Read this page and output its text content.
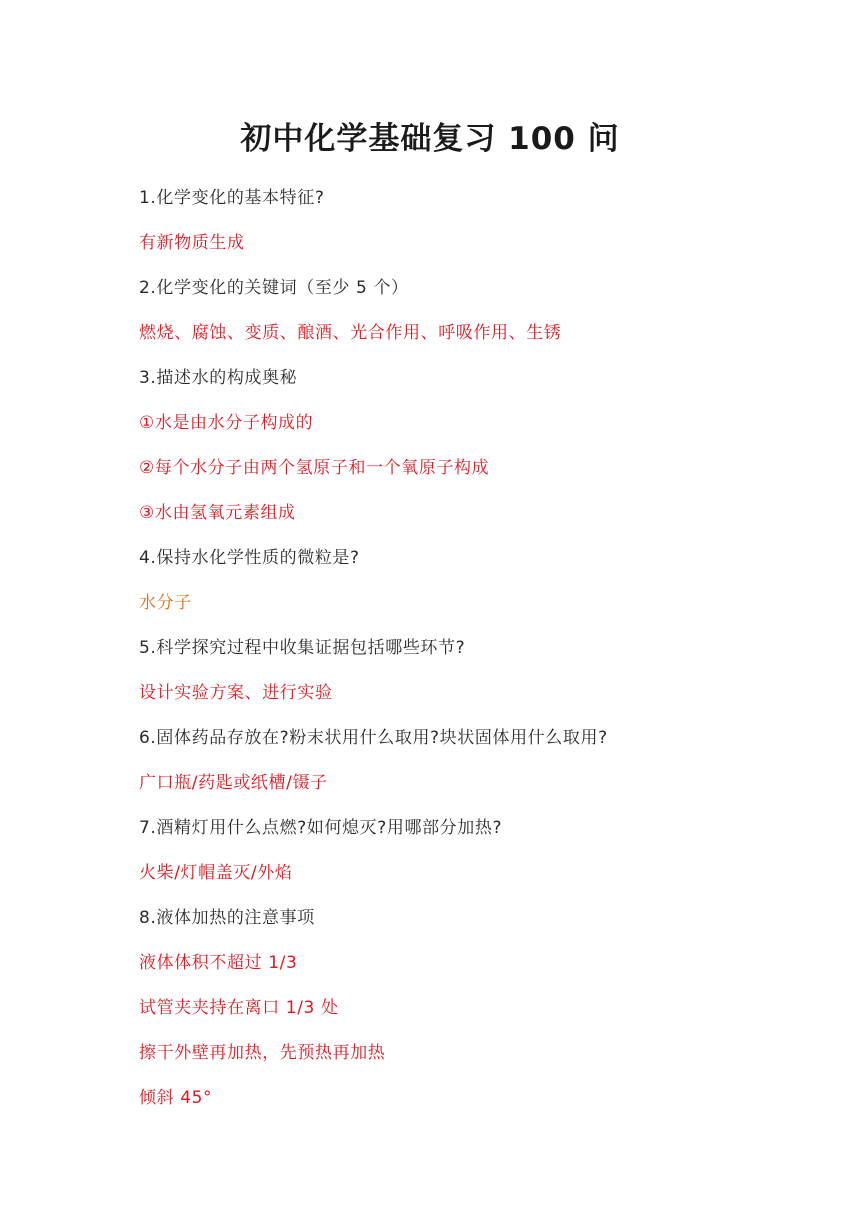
初中化学基础复习 100 问
1.化学变化的基本特征?
有新物质生成
2.化学变化的关键词（至少 5 个）
燃烧、腐蚀、变质、酿酒、光合作用、呼吸作用、生锈
3.描述水的构成奥秘
①水是由水分子构成的
②每个水分子由两个氢原子和一个氧原子构成
③水由氢氧元素组成
4.保持水化学性质的微粒是?
水分子
5.科学探究过程中收集证据包括哪些环节?
设计实验方案、进行实验
6.固体药品存放在?粉末状用什么取用?块状固体用什么取用?
广口瓶/药匙或纸槽/镊子
7.酒精灯用什么点燃?如何熄灭?用哪部分加热?
火柴/灯帽盖灭/外焰
8.液体加热的注意事项
液体体积不超过 1/3
试管夹夹持在离口 1/3 处
擦干外壁再加热，先预热再加热
倾斜 45°
